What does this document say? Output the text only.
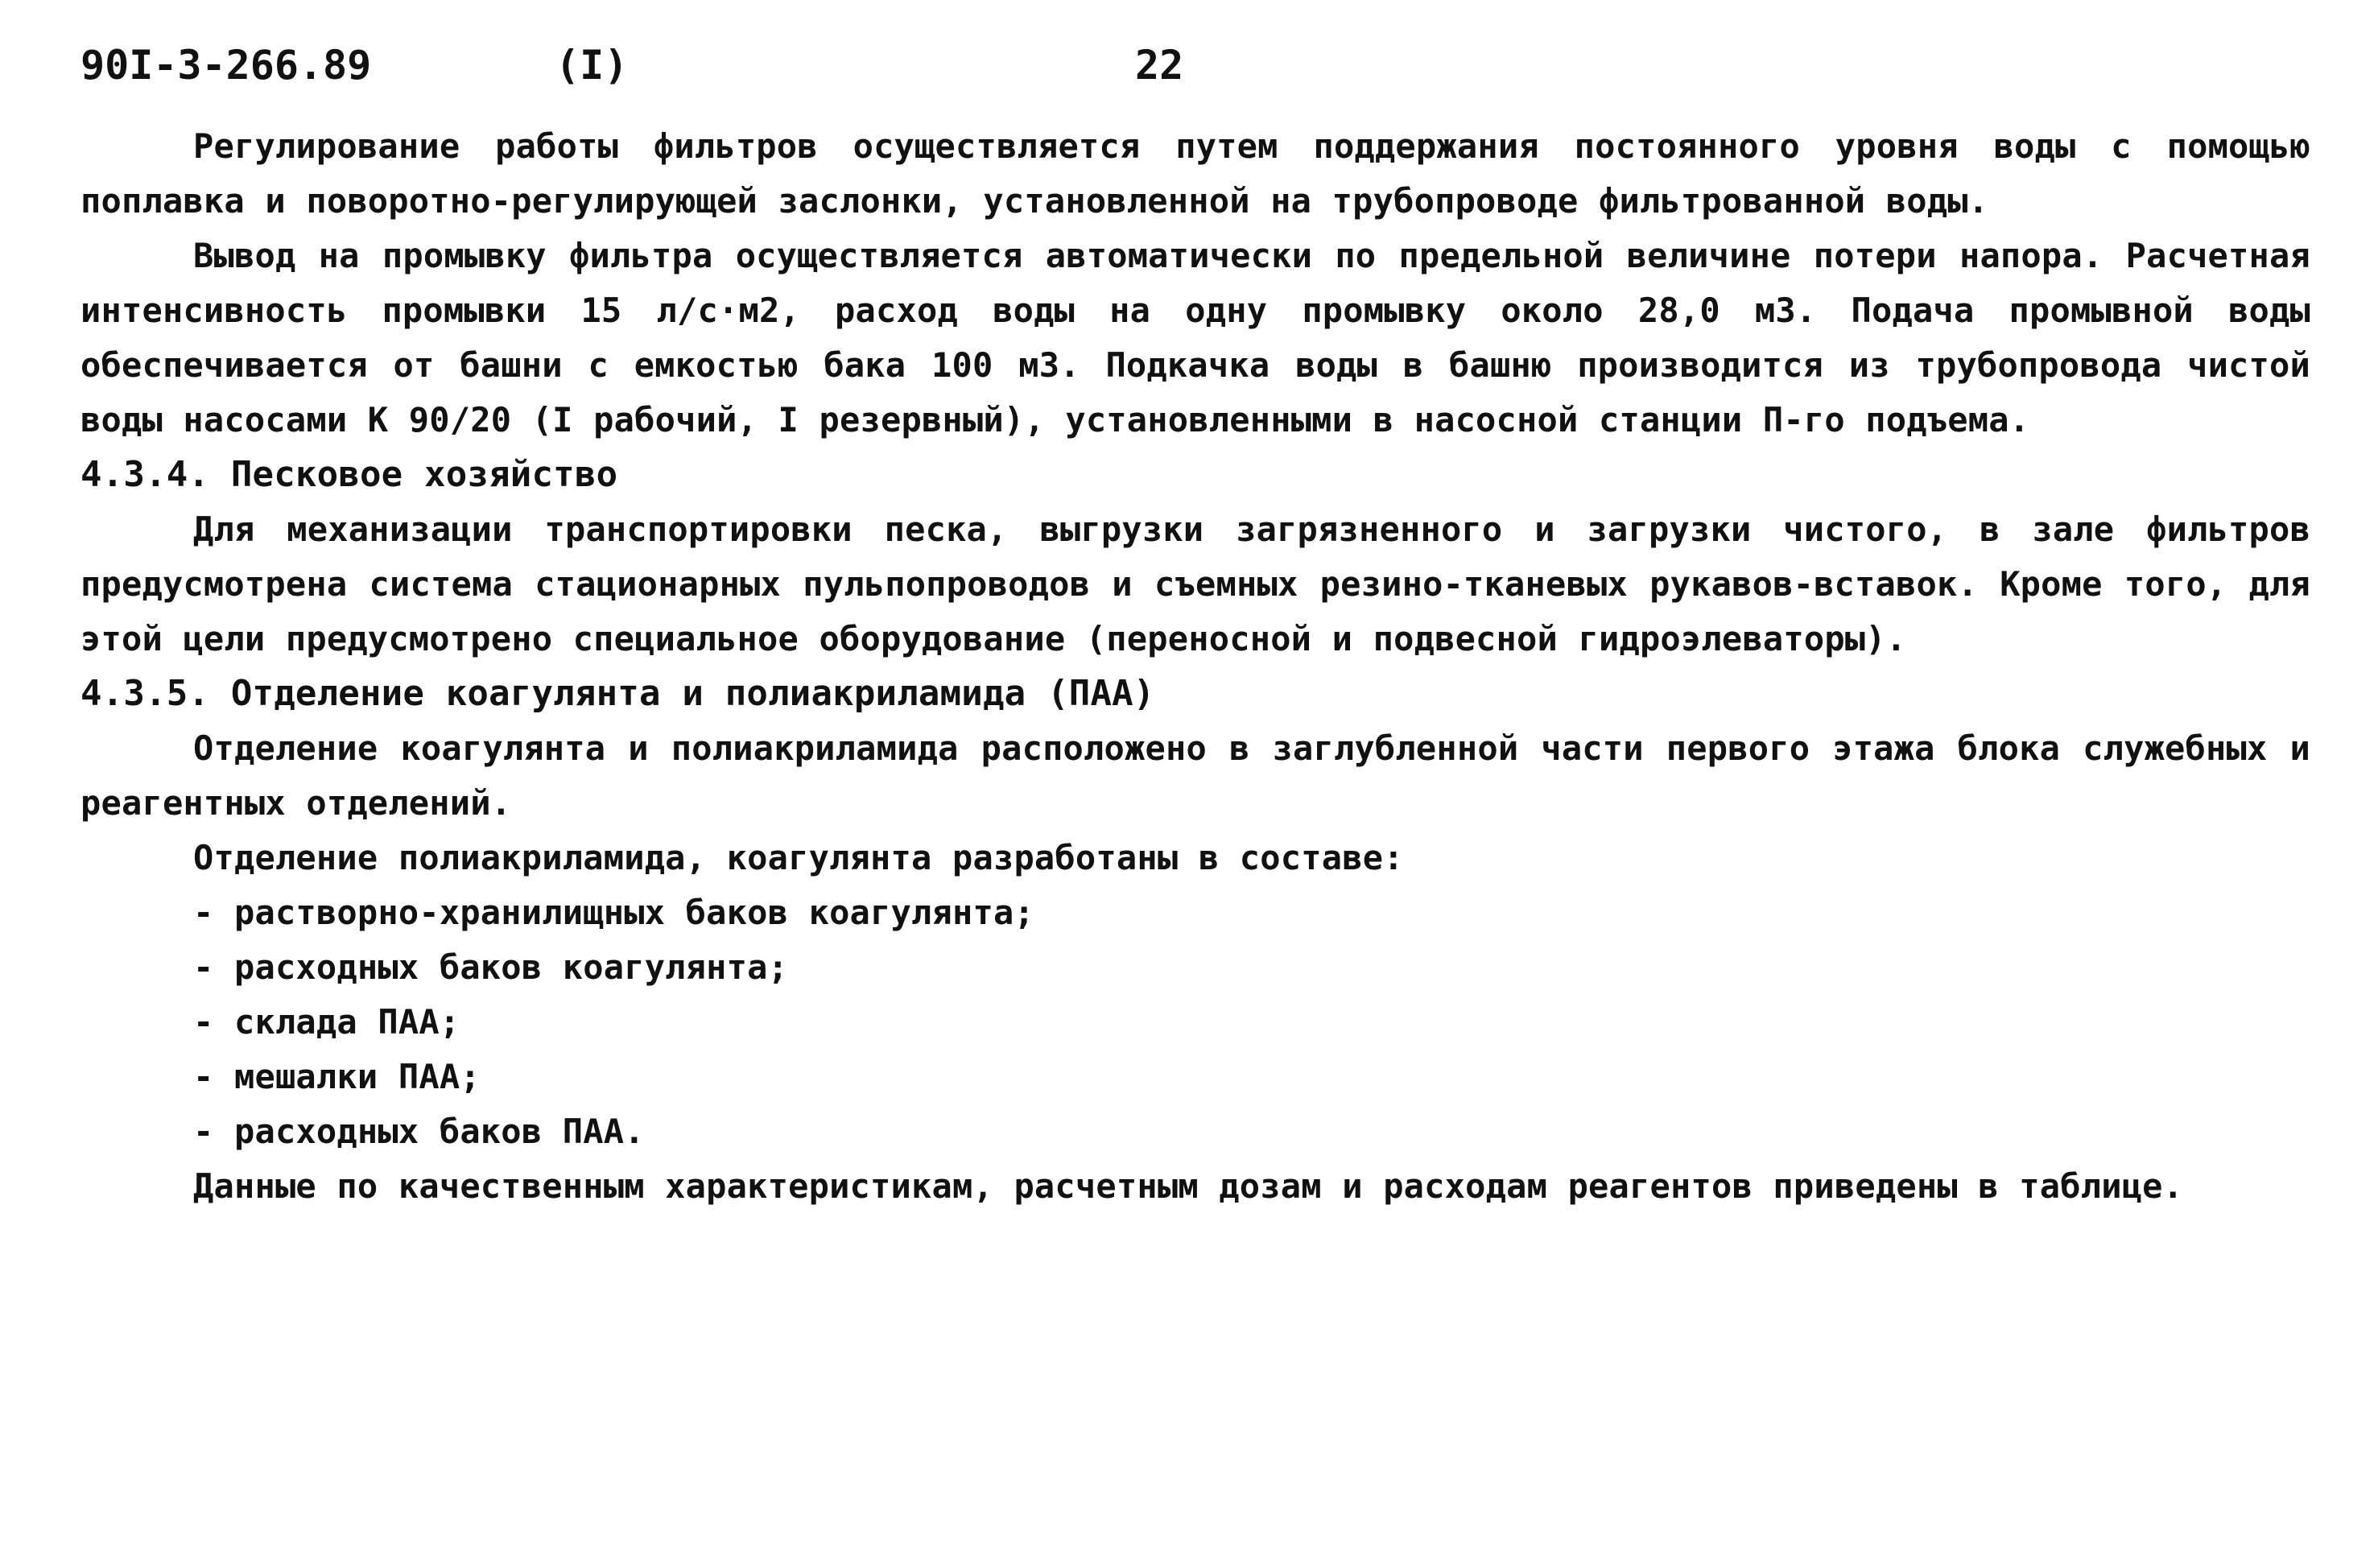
90I-3-266.89	(I)	22

Регулирование работы фильтров осуществляется путем поддержания постоянного уровня воды с помощью поплавка и поворотно-регулирующей заслонки, установленной на трубопроводе фильтрованной воды.

Вывод на промывку фильтра осуществляется автоматически по предельной величине потери напора. Расчетная интенсивность промывки 15 л/с·м2, расход воды на одну промывку около 28,0 м3. Подача промывной воды обеспечивается от башни с емкостью бака 100 м3. Подкачка воды в башню производится из трубопровода чистой воды насосами К 90/20 (I рабочий, I резервный), установленными в насосной станции П-го подъема.

4.3.4. Песковое хозяйство

Для механизации транспортировки песка, выгрузки загрязненного и загрузки чистого, в зале фильтров предусмотрена система стационарных пульпопроводов и съемных резино-тканевых рукавов-вставок. Кроме того, для этой цели предусмотрено специальное оборудование (переносной и подвесной гидроэлеваторы).

4.3.5. Отделение коагулянта и полиакриламида (ПАА)

Отделение коагулянта и полиакриламида расположено в заглубленной части первого этажа блока служебных и реагентных отделений.

Отделение полиакриламида, коагулянта разработаны в составе:

- растворно-хранилищных баков коагулянта;

- расходных баков коагулянта;

- склада ПАА;

- мешалки ПАА;

- расходных баков ПАА.

Данные по качественным характеристикам, расчетным дозам и расходам реагентов приведены в таблице.
